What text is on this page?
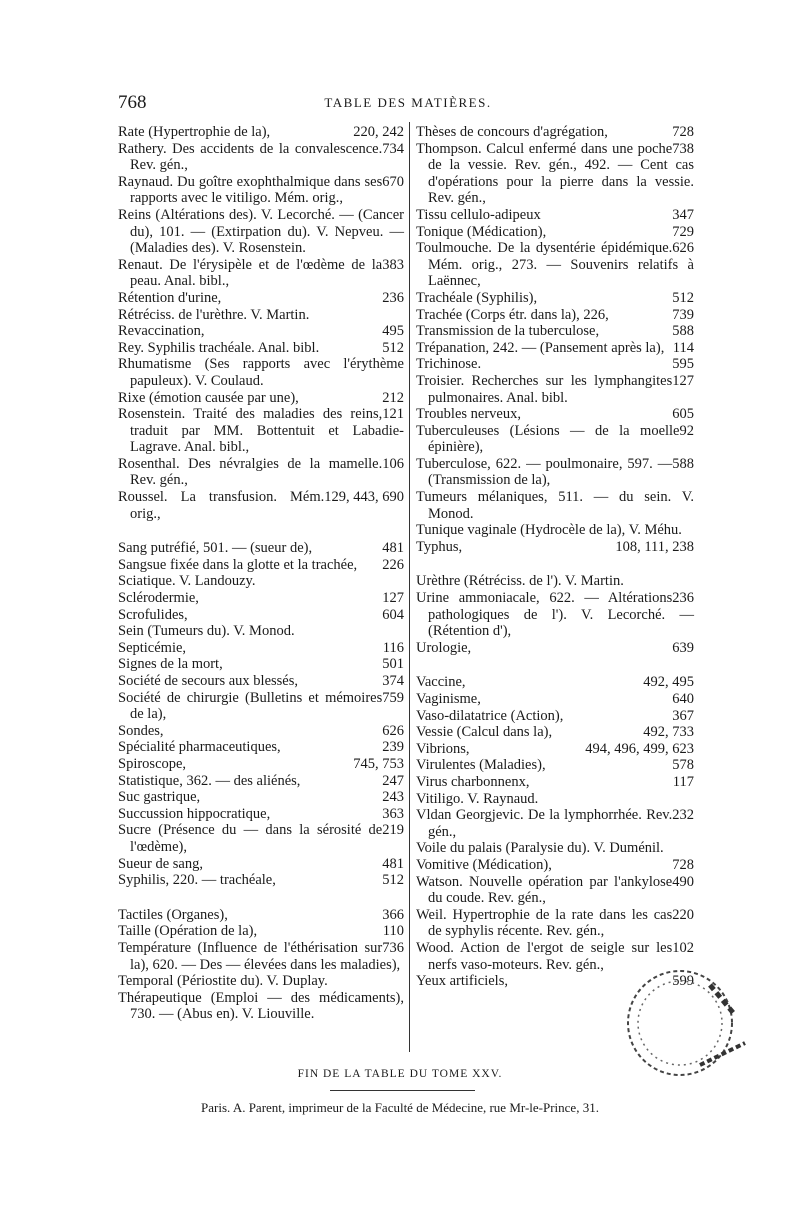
768	TABLE DES MATIÈRES.
220, 242
Rate (Hypertrophie de la),
734
Rathery. Des accidents de la convalescence. Rev. gén.,
670
Raynaud. Du goître exophthalmique dans ses rapports avec le vitiligo. Mém. orig.,
Reins (Altérations des). V. Lecorché. — (Cancer du), 101. — (Extirpation du). V. Nepveu. — (Maladies des). V. Rosenstein.
383
Renaut. De l'érysipèle et de l'œdème de la peau. Anal. bibl.,
236
Rétention d'urine,
Rétréciss. de l'urèthre. V. Martin.
495
Revaccination,
512
Rey. Syphilis trachéale. Anal. bibl.
Rhumatisme (Ses rapports avec l'érythème papuleux). V. Coulaud.
212
Rixe (émotion causée par une),
121
Rosenstein. Traité des maladies des reins, traduit par MM. Bottentuit et Labadie-Lagrave. Anal. bibl.,
106
Rosenthal. Des névralgies de la mamelle. Rev. gén.,
129, 443, 690
Roussel. La transfusion. Mém. orig.,
481
Sang putréfié, 501. — (sueur de),
226
Sangsue fixée dans la glotte et la trachée,
Sciatique. V. Landouzy.
127
Sclérodermie,
604
Scrofulides,
Sein (Tumeurs du). V. Monod.
116
Septicémie,
501
Signes de la mort,
374
Société de secours aux blessés,
759
Société de chirurgie (Bulletins et mémoires de la),
626
Sondes,
239
Spécialité pharmaceutiques,
745, 753
Spiroscope,
247
Statistique, 362. — des aliénés,
243
Suc gastrique,
363
Succussion hippocratique,
219
Sucre (Présence du — dans la sérosité de l'œdème),
481
Sueur de sang,
512
Syphilis, 220. — trachéale,
366
Tactiles (Organes),
110
Taille (Opération de la),
736
Température (Influence de l'éthérisation sur la), 620. — Des — élevées dans les maladies),
Temporal (Périostite du). V. Duplay.
Thérapeutique (Emploi — des médicaments), 730. — (Abus en). V. Liouville.
728
Thèses de concours d'agrégation,
738
Thompson. Calcul enfermé dans une poche de la vessie. Rev. gén., 492. — Cent cas d'opérations pour la pierre dans la vessie. Rev. gén.,
347
Tissu cellulo-adipeux
729
Tonique (Médication),
626
Toulmouche. De la dysentérie épidémique. Mém. orig., 273. — Souvenirs relatifs à Laënnec,
512
Trachéale (Syphilis),
739
Trachée (Corps étr. dans la), 226,
588
Transmission de la tuberculose,
114
Trépanation, 242. — (Pansement après la),
595
Trichinose.
127
Troisier. Recherches sur les lymphangites pulmonaires. Anal. bibl.
605
Troubles nerveux,
92
Tuberculeuses (Lésions — de la moelle épinière),
588
Tuberculose, 622. — poulmonaire, 597. — (Transmission de la),
Tumeurs mélaniques, 511. — du sein. V. Monod.
Tunique vaginale (Hydrocèle de la), V. Méhu.
108, 111, 238
Typhus,
Urèthre (Rétréciss. de l'). V. Martin.
236
Urine ammoniacale, 622. — Altérations pathologiques de l'). V. Lecorché. — (Rétention d'),
639
Urologie,
492, 495
Vaccine,
640
Vaginisme,
367
Vaso-dilatatrice (Action),
492, 733
Vessie (Calcul dans la),
494, 496, 499, 623
Vibrions,
578
Virulentes (Maladies),
117
Virus charbonnenx,
Vitiligo. V. Raynaud.
232
Vldan Georgjevic. De la lymphorrhée. Rev. gén.,
Voile du palais (Paralysie du). V. Duménil.
728
Vomitive (Médication),
490
Watson. Nouvelle opération par l'ankylose du coude. Rev. gén.,
220
Weil. Hypertrophie de la rate dans les cas de syphylis récente. Rev. gén.,
102
Wood. Action de l'ergot de seigle sur les nerfs vaso-moteurs. Rev. gén.,
599
Yeux artificiels,
FIN DE LA TABLE DU TOME XXV.
Paris. A. Parent, imprimeur de la Faculté de Médecine, rue Mr-le-Prince, 31.
